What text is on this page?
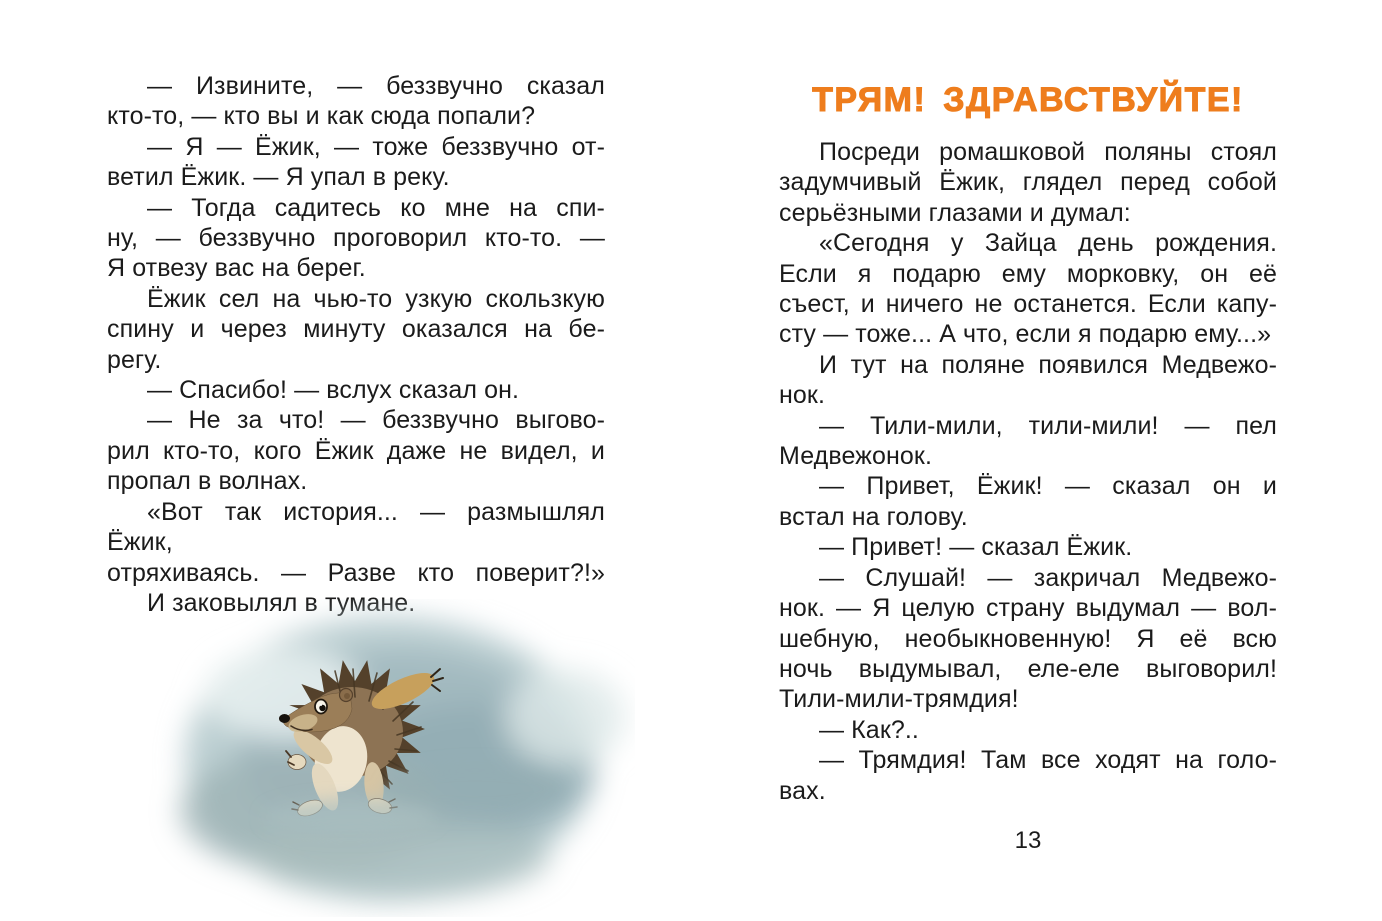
— Извините, — беззвучно сказал
кто-то, — кто вы и как сюда попали?
— Я — Ёжик, — тоже беззвучно от-
ветил Ёжик. — Я упал в реку.
— Тогда садитесь ко мне на спи-
ну, — беззвучно проговорил кто-то. —
Я отвезу вас на берег.
Ёжик сел на чью-то узкую скользкую
спину и через минуту оказался на бе-
регу.
— Спасибо! — вслух сказал он.
— Не за что! — беззвучно выгово-
рил кто-то, кого Ёжик даже не видел, и
пропал в волнах.
«Вот так история... — размышлял Ёжик,
отряхиваясь. — Разве кто поверит?!»
И заковылял в тумане.
ТРЯМ! ЗДРАВСТВУЙТЕ!
Посреди ромашковой поляны стоял
задумчивый Ёжик, глядел перед собой
серьёзными глазами и думал:
«Сегодня у Зайца день рождения.
Если я подарю ему морковку, он её
съест, и ничего не останется. Если капу-
сту — тоже... А что, если я подарю ему...»
И тут на поляне появился Медвежо-
нок.
— Тили-мили, тили-мили! — пел
Медвежонок.
— Привет, Ёжик! — сказал он и
встал на голову.
— Привет! — сказал Ёжик.
— Слушай! — закричал Медвежо-
нок. — Я целую страну выдумал — вол-
шебную, необыкновенную! Я её всю
ночь выдумывал, еле-еле выговорил!
Тили-мили-трямдия!
— Как?..
— Трямдия! Там все ходят на голо-
вах.
13
